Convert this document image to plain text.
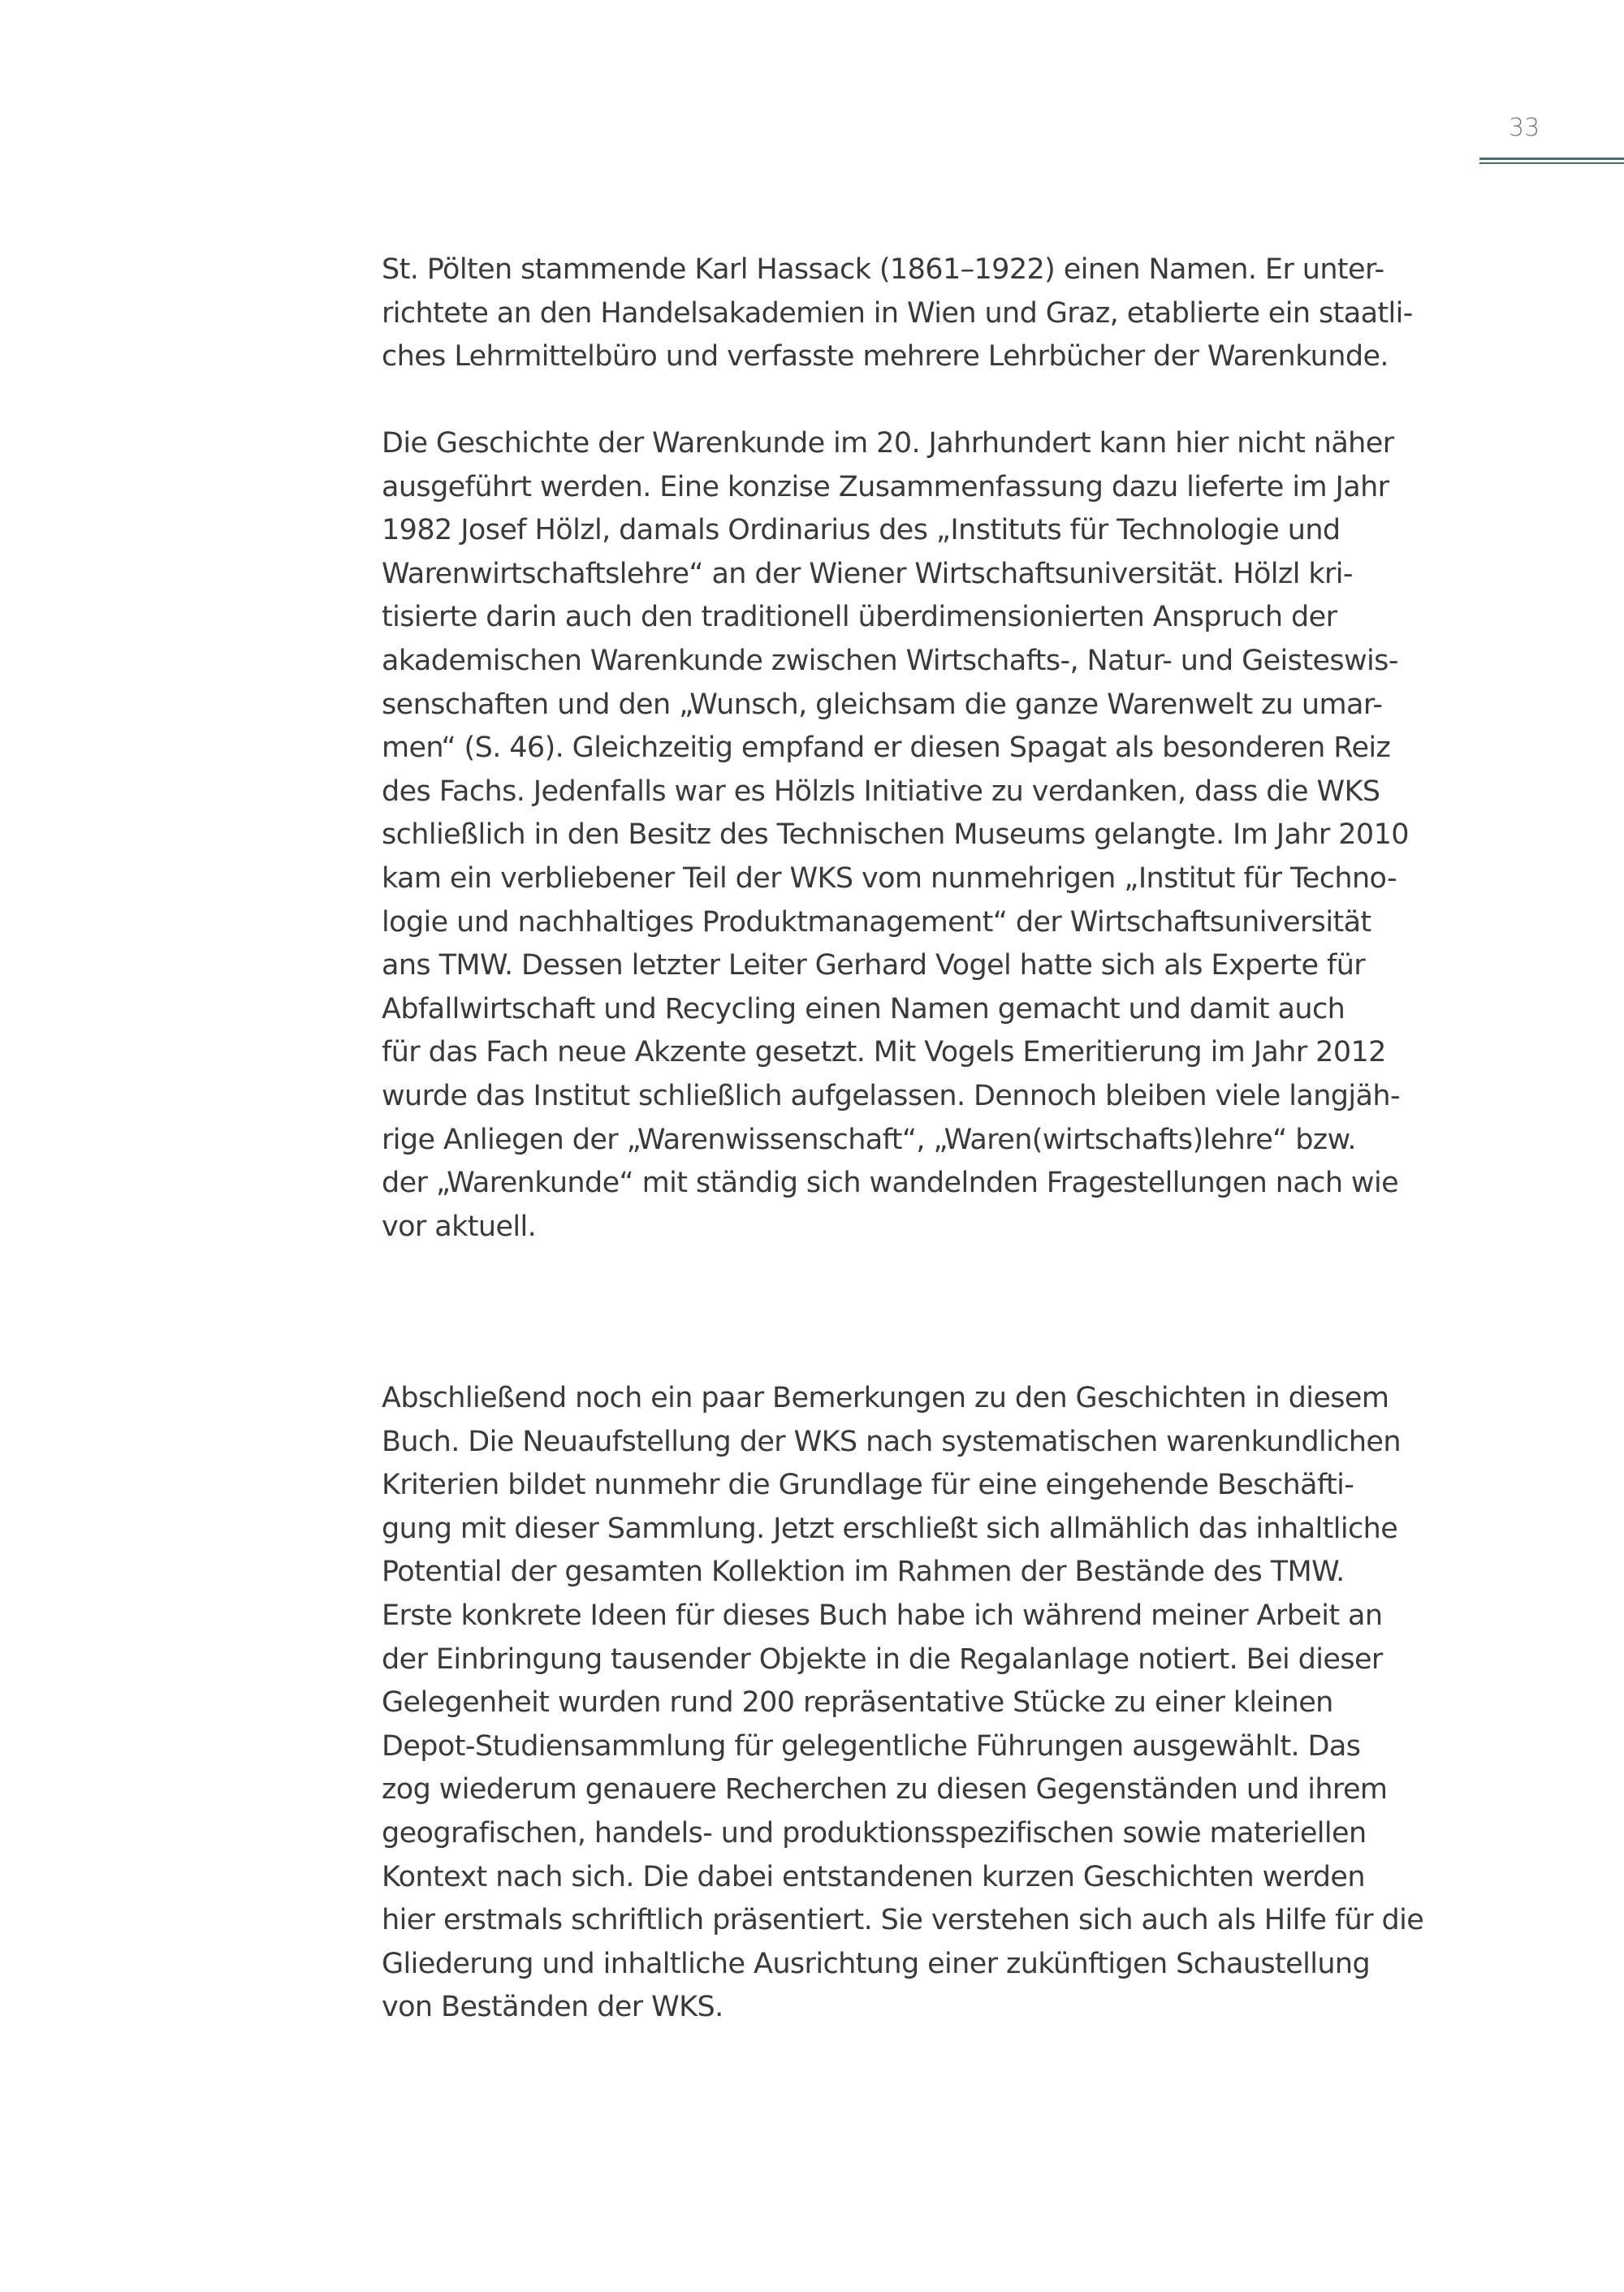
33
St. Pölten stammende Karl Hassack (1861–1922) einen Namen. Er unter-
richtete an den Handelsakademien in Wien und Graz, etablierte ein staatli-
ches Lehrmittelbüro und verfasste mehrere Lehrbücher der Warenkunde.
Die Geschichte der Warenkunde im 20. Jahrhundert kann hier nicht näher
ausgeführt werden. Eine konzise Zusammenfassung dazu lieferte im Jahr
1982 Josef Hölzl, damals Ordinarius des „Instituts für Technologie und
Warenwirtschaftslehre“ an der Wiener Wirtschaftsuniversität. Hölzl kri-
tisierte darin auch den traditionell überdimensionierten Anspruch der
akademischen Warenkunde zwischen Wirtschafts-, Natur- und Geisteswis-
senschaften und den „Wunsch, gleichsam die ganze Warenwelt zu umar-
men“ (S. 46). Gleichzeitig empfand er diesen Spagat als besonderen Reiz
des Fachs. Jedenfalls war es Hölzls Initiative zu verdanken, dass die WKS
schließlich in den Besitz des Technischen Museums gelangte. Im Jahr 2010
kam ein verbliebener Teil der WKS vom nunmehrigen „Institut für Techno-
logie und nachhaltiges Produktmanagement“ der Wirtschaftsuniversität
ans TMW. Dessen letzter Leiter Gerhard Vogel hatte sich als Experte für
Abfallwirtschaft und Recycling einen Namen gemacht und damit auch
für das Fach neue Akzente gesetzt. Mit Vogels Emeritierung im Jahr 2012
wurde das Institut schließlich aufgelassen. Dennoch bleiben viele langjäh-
rige Anliegen der „Warenwissenschaft“, „Waren(wirtschafts)lehre“ bzw.
der „Warenkunde“ mit ständig sich wandelnden Fragestellungen nach wie
vor aktuell.
Abschließend noch ein paar Bemerkungen zu den Geschichten in diesem
Buch. Die Neuaufstellung der WKS nach systematischen warenkundlichen
Kriterien bildet nunmehr die Grundlage für eine eingehende Beschäfti-
gung mit dieser Sammlung. Jetzt erschließt sich allmählich das inhaltliche
Potential der gesamten Kollektion im Rahmen der Bestände des TMW.
Erste konkrete Ideen für dieses Buch habe ich während meiner Arbeit an
der Einbringung tausender Objekte in die Regalanlage notiert. Bei dieser
Gelegenheit wurden rund 200 repräsentative Stücke zu einer kleinen
Depot-Studiensammlung für gelegentliche Führungen ausgewählt. Das
zog wiederum genauere Recherchen zu diesen Gegenständen und ihrem
geografischen, handels- und produktionsspezifischen sowie materiellen
Kontext nach sich. Die dabei entstandenen kurzen Geschichten werden
hier erstmals schriftlich präsentiert. Sie verstehen sich auch als Hilfe für die
Gliederung und inhaltliche Ausrichtung einer zukünftigen Schaustellung
von Beständen der WKS.
